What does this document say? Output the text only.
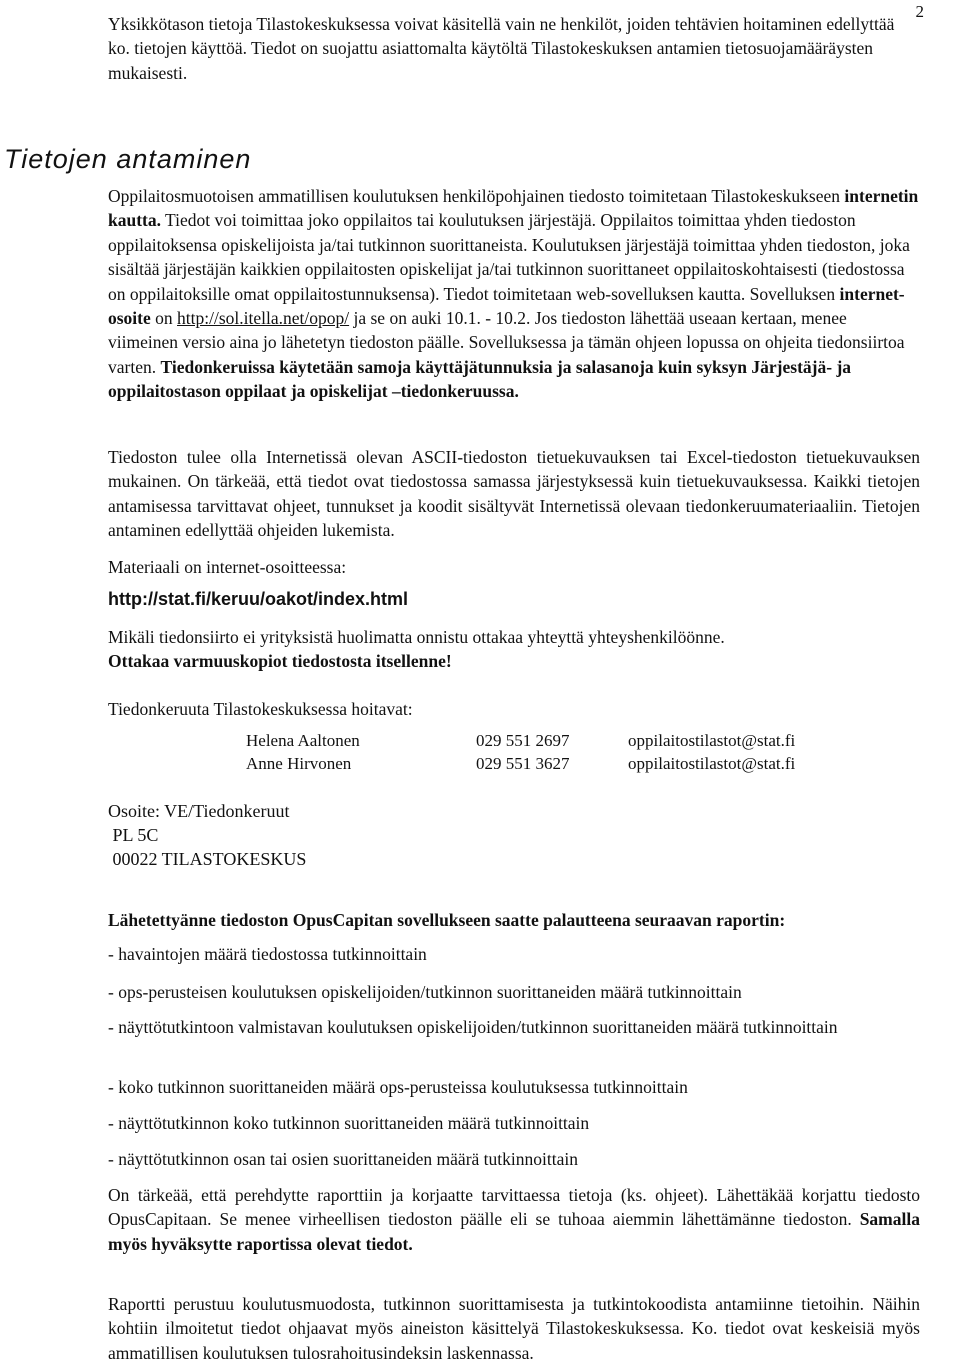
2

Yksikkötason tietoja Tilastokeskuksessa voivat käsitellä vain ne henkilöt, joiden tehtävien hoitaminen edellyttää ko. tietojen käyttöä. Tiedot on suojattu asiattomalta käytöltä Tilastokeskuksen antamien tietosuojamääräysten mukaisesti.

Tietojen antaminen

Oppilaitosmuotoisen ammatillisen koulutuksen henkilöpohjainen tiedosto toimitetaan Tilastokeskukseen internetin kautta. Tiedot voi toimittaa joko oppilaitos tai koulutuksen järjestäjä. Oppilaitos toimittaa yhden tiedoston oppilaitoksensa opiskelijoista ja/tai tutkinnon suorittaneista. Koulutuksen järjestäjä toimittaa yhden tiedoston, joka sisältää järjestäjän kaikkien oppilaitosten opiskelijat ja/tai tutkinnon suorittaneet oppilaitoskohtaisesti (tiedostossa on oppilaitoksille omat oppilaitostunnuksensa). Tiedot toimitetaan web-sovelluksen kautta. Sovelluksen internet-osoite on http://sol.itella.net/opop/ ja se on auki 10.1. - 10.2. Jos tiedoston lähettää useaan kertaan, menee viimeinen versio aina jo lähetetyn tiedoston päälle. Sovelluksessa ja tämän ohjeen lopussa on ohjeita tiedonsiirtoa varten. Tiedonkeruissa käytetään samoja käyttäjätunnuksia ja salasanoja kuin syksyn Järjestäjä- ja oppilaitostason oppilaat ja opiskelijat –tiedonkeruussa.

Tiedoston tulee olla Internetissä olevan ASCII-tiedoston tietuekuvauksen tai Excel-tiedoston tietuekuvauksen mukainen. On tärkeää, että tiedot ovat tiedostossa samassa järjestyksessä kuin tietuekuvauksessa. Kaikki tietojen antamisessa tarvittavat ohjeet, tunnukset ja koodit sisältyvät Internetissä olevaan tiedonkeruumateriaaliin. Tietojen antaminen edellyttää ohjeiden lukemista.

Materiaali on internet-osoitteessa:
http://stat.fi/keruu/oakot/index.html

Mikäli tiedonsiirto ei yrityksistä huolimatta onnistu ottakaa yhteyttä yhteyshenkilöönne.
Ottakaa varmuuskopiot tiedostosta itsellenne!

Tiedonkeruuta Tilastokeskuksessa hoitavat:
Helena Aaltonen	029 551 2697	oppilaitostilastot@stat.fi
Anne Hirvonen	029 551 3627	oppilaitostilastot@stat.fi
Osoite: VE/Tiedonkeruut
PL 5C
00022 TILASTOKESKUS
Lähetettyänne tiedoston OpusCapitan sovellukseen saatte palautteena seuraavan raportin:
- havaintojen määrä tiedostossa tutkinnoittain
- ops-perusteisen koulutuksen opiskelijoiden/tutkinnon suorittaneiden määrä tutkinnoittain
- näyttötutkintoon valmistavan koulutuksen opiskelijoiden/tutkinnon suorittaneiden määrä tutkinnoittain
- koko tutkinnon suorittaneiden määrä ops-perusteissa koulutuksessa tutkinnoittain
- näyttötutkinnon koko tutkinnon suorittaneiden määrä tutkinnoittain
- näyttötutkinnon osan tai osien suorittaneiden määrä tutkinnoittain

On tärkeää, että perehdytte raporttiin ja korjaatte tarvittaessa tietoja (ks. ohjeet). Lähettäkää korjattu tiedosto OpusCapitaan. Se menee virheellisen tiedoston päälle eli se tuhoaa aiemmin lähettämänne tiedoston. Samalla myös hyväksytte raportissa olevat tiedot.

Raportti perustuu koulutusmuodosta, tutkinnon suorittamisesta ja tutkintokoodista antamiinne tietoihin. Näihin kohtiin ilmoitetut tiedot ohjaavat myös aineiston käsittelyä Tilastokeskuksessa. Ko. tiedot ovat keskeisiä myös ammatillisen koulutuksen tulosrahoitusindeksin laskennassa.
